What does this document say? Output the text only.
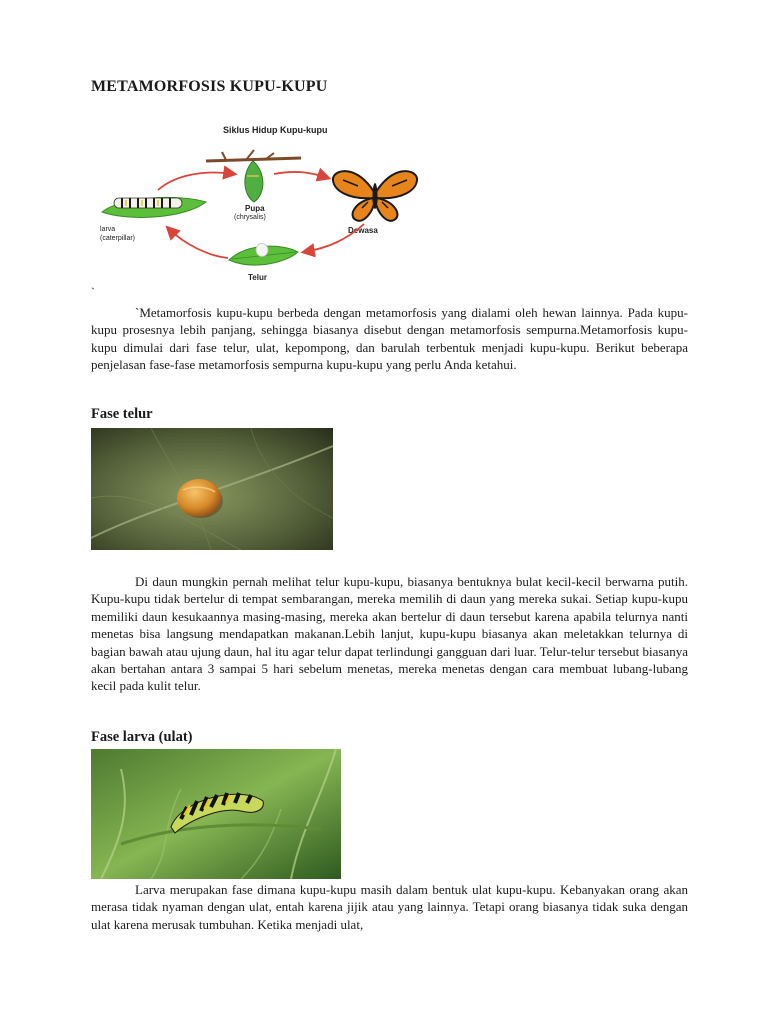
METAMORFOSIS KUPU-KUPU
Siklus Hidup Kupu-kupu
Pupa
(chrysalis)
Dewasa
Telur
larva
(caterpillar)
`

`Metamorfosis kupu-kupu berbeda dengan metamorfosis yang dialami oleh hewan lainnya. Pada kupu-kupu prosesnya lebih panjang, sehingga biasanya disebut dengan metamorfosis sempurna.Metamorfosis kupu-kupu dimulai dari fase telur, ulat, kepompong, dan barulah terbentuk menjadi kupu-kupu. Berikut beberapa penjelasan fase-fase metamorfosis sempurna kupu-kupu yang perlu Anda ketahui.

Fase telur

Di daun mungkin pernah melihat telur kupu-kupu, biasanya bentuknya bulat kecil-kecil berwarna putih. Kupu-kupu tidak bertelur di tempat sembarangan, mereka memilih di daun yang mereka sukai. Setiap kupu-kupu memiliki daun kesukaannya masing-masing, mereka akan bertelur di daun tersebut karena apabila telurnya nanti menetas bisa langsung mendapatkan makanan.Lebih lanjut, kupu-kupu biasanya akan meletakkan telurnya di bagian bawah atau ujung daun, hal itu agar telur dapat terlindungi gangguan dari luar. Telur-telur tersebut biasanya akan bertahan antara 3 sampai 5 hari sebelum menetas, mereka menetas dengan cara membuat lubang-lubang kecil pada kulit telur.

Fase larva (ulat)

Larva merupakan fase dimana kupu-kupu masih dalam bentuk ulat kupu-kupu. Kebanyakan orang akan merasa tidak nyaman dengan ulat, entah karena jijik atau yang lainnya. Tetapi orang biasanya tidak suka dengan ulat karena merusak tumbuhan. Ketika menjadi ulat,
